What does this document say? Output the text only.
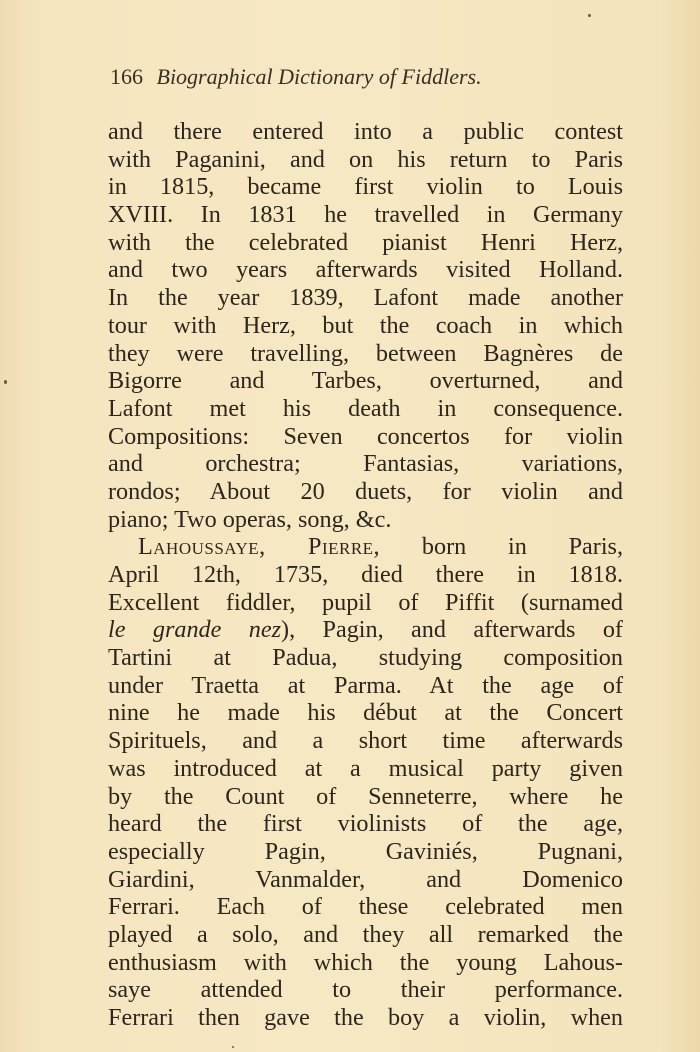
166 Biographical Dictionary of Fiddlers.
and there entered into a public contest
with Paganini, and on his return to Paris
in 1815, became first violin to Louis
XVIII. In 1831 he travelled in Germany
with the celebrated pianist Henri Herz,
and two years afterwards visited Holland.
In the year 1839, Lafont made another
tour with Herz, but the coach in which
they were travelling, between Bagnères de
Bigorre and Tarbes, overturned, and
Lafont met his death in consequence.
Compositions: Seven concertos for violin
and orchestra; Fantasias, variations,
rondos; About 20 duets, for violin and
piano; Two operas, song, &c.
Lahoussaye, Pierre, born in Paris,
April 12th, 1735, died there in 1818.
Excellent fiddler, pupil of Piffit (surnamed
le grande nez), Pagin, and afterwards of
Tartini at Padua, studying composition
under Traetta at Parma. At the age of
nine he made his début at the Concert
Spirituels, and a short time afterwards
was introduced at a musical party given
by the Count of Senneterre, where he
heard the first violinists of the age,
especially Pagin, Gaviniés, Pugnani,
Giardini, Vanmalder, and Domenico
Ferrari. Each of these celebrated men
played a solo, and they all remarked the
enthusiasm with which the young Lahous-
saye attended to their performance.
Ferrari then gave the boy a violin, when
